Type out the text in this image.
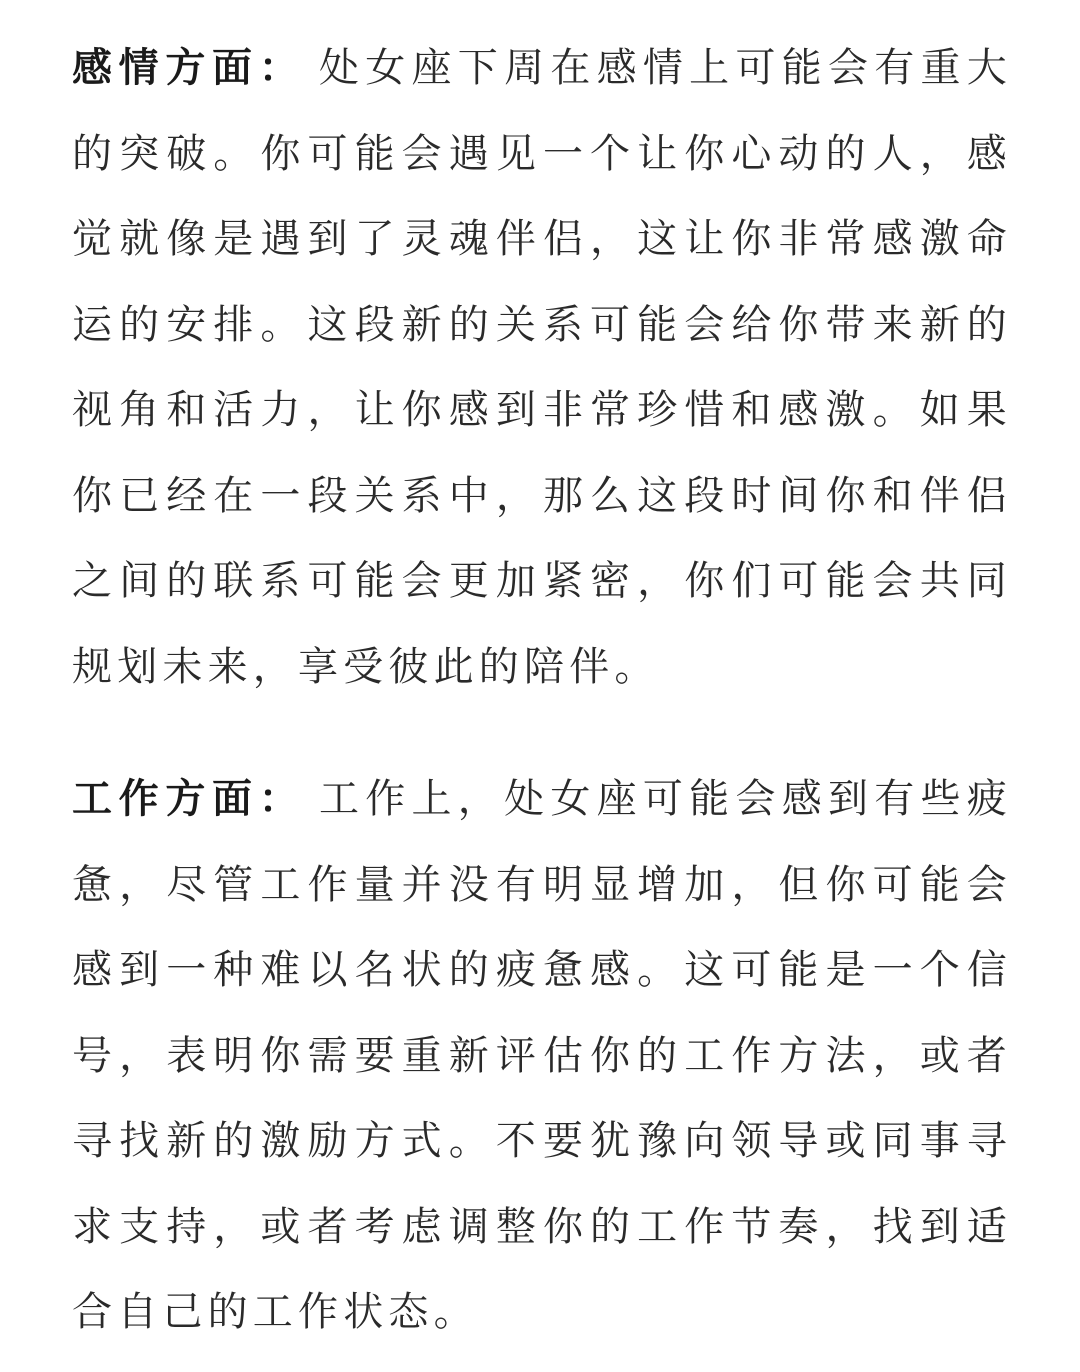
感情方面： 处女座下周在感情上可能会有重大的突破。你可能会遇见一个让你心动的人，感觉就像是遇到了灵魂伴侣，这让你非常感激命运的安排。这段新的关系可能会给你带来新的视角和活力，让你感到非常珍惜和感激。如果你已经在一段关系中，那么这段时间你和伴侣之间的联系可能会更加紧密，你们可能会共同规划未来，享受彼此的陪伴。

工作方面： 工作上，处女座可能会感到有些疲惫，尽管工作量并没有明显增加，但你可能会感到一种难以名状的疲惫感。这可能是一个信号，表明你需要重新评估你的工作方法，或者寻找新的激励方式。不要犹豫向领导或同事寻求支持，或者考虑调整你的工作节奏，找到适合自己的工作状态。
